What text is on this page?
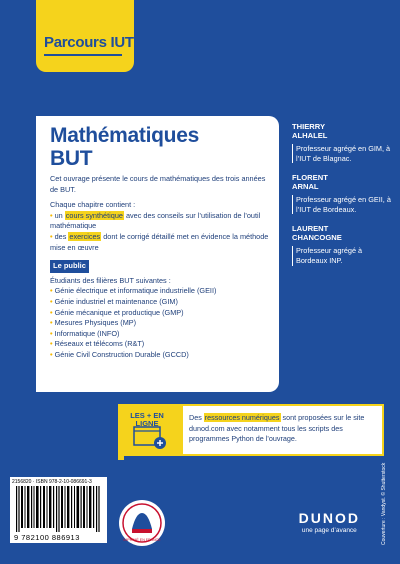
Parcours IUT
Mathématiques
BUT

Cet ouvrage présente le cours de mathématiques des trois années de BUT.

Chaque chapitre contient :
• un cours synthétique avec des conseils sur l’utilisation de l’outil mathématique

• des exercices dont le corrigé détaillé met en évidence la méthode mise en œuvre

Le public
Étudiants des filières BUT suivantes :
• Génie électrique et informatique industrielle (GEII)
• Génie industriel et maintenance (GIM)
• Génie mécanique et productique (GMP)
• Mesures Physiques (MP)
• Informatique (INFO)
• Réseaux et télécoms (R&T)
• Génie Civil Construction Durable (GCCD)
THIERRY
ALHALEL
Professeur agrégé en GIM, à l’IUT de Blagnac.
FLORENT
ARNAL
Professeur agrégé en GEII, à l’IUT de Bordeaux.
LAURENT
CHANCOGNE
Professeur agrégé à Bordeaux INP.
LES + EN
LIGNE
Des ressources numériques sont proposées sur le site dunod.com avec notamment tous les scripts des programmes Python de l’ouvrage.
2156820 · ISBN 978-2-10-086691-3
9 782100 886913	IMPRIMÉ EN FRANCE
DUNOD
une page d’avance	Couverture : Vandyst. © Shutterstock
